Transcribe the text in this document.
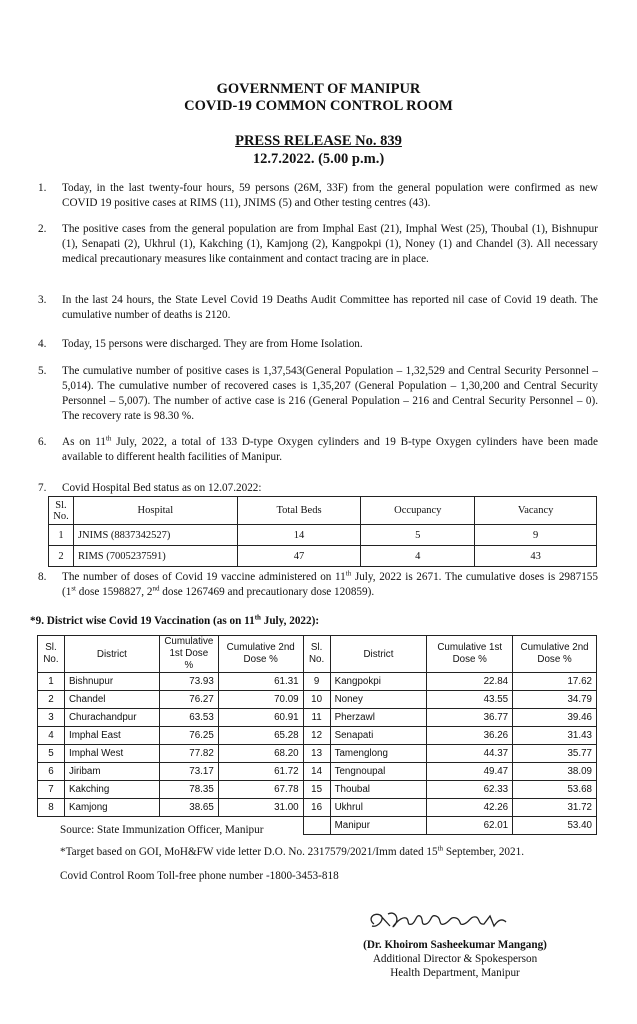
GOVERNMENT OF MANIPUR
COVID-19 COMMON CONTROL ROOM
PRESS RELEASE No. 839
12.7.2022. (5.00 p.m.)
1. Today, in the last twenty-four hours, 59 persons (26M, 33F) from the general population were confirmed as new COVID 19 positive cases at RIMS (11), JNIMS (5) and Other testing centres (43).
2. The positive cases from the general population are from Imphal East (21), Imphal West (25), Thoubal (1), Bishnupur (1), Senapati (2), Ukhrul (1), Kakching (1), Kamjong (2), Kangpokpi (1), Noney (1) and Chandel (3). All necessary medical precautionary measures like containment and contact tracing are in place.
3. In the last 24 hours, the State Level Covid 19 Deaths Audit Committee has reported nil case of Covid 19 death. The cumulative number of deaths is 2120.
4. Today, 15 persons were discharged. They are from Home Isolation.
5. The cumulative number of positive cases is 1,37,543(General Population – 1,32,529 and Central Security Personnel – 5,014). The cumulative number of recovered cases is 1,35,207 (General Population – 1,30,200 and Central Security Personnel – 5,007). The number of active case is 216 (General Population – 216 and Central Security Personnel – 0). The recovery rate is 98.30 %.
6. As on 11th July, 2022, a total of 133 D-type Oxygen cylinders and 19 B-type Oxygen cylinders have been made available to different health facilities of Manipur.
7. Covid Hospital Bed status as on 12.07.2022:
Sl. No.	Hospital	Total Beds	Occupancy	Vacancy
1	JNIMS (8837342527)	14	5	9
2	RIMS (7005237591)	47	4	43
8. The number of doses of Covid 19 vaccine administered on 11th July, 2022 is 2671. The cumulative doses is 2987155 (1st dose 1598827, 2nd dose 1267469 and precautionary dose 120859).
*9. District wise Covid 19 Vaccination (as on 11th July, 2022):
Sl. No.	District	Cumulative 1st Dose %	Cumulative 2nd Dose %	Sl. No.	District	Cumulative 1st Dose %	Cumulative 2nd Dose %
1	Bishnupur	73.93	61.31	9	Kangpokpi	22.84	17.62
2	Chandel	76.27	70.09	10	Noney	43.55	34.79
3	Churachandpur	63.53	60.91	11	Pherzawl	36.77	39.46
4	Imphal East	76.25	65.28	12	Senapati	36.26	31.43
5	Imphal West	77.82	68.20	13	Tamenglong	44.37	35.77
6	Jiribam	73.17	61.72	14	Tengnoupal	49.47	38.09
7	Kakching	78.35	67.78	15	Thoubal	62.33	53.68
8	Kamjong	38.65	31.00	16	Ukhrul	42.26	31.72
					Manipur	62.01	53.40
Source: State Immunization Officer, Manipur
*Target based on GOI, MoH&FW vide letter D.O. No. 2317579/2021/Imm dated 15th September, 2021.
Covid Control Room Toll-free phone number -1800-3453-818
(Dr. Khoirom Sasheekumar Mangang)
Additional Director & Spokesperson
Health Department, Manipur
